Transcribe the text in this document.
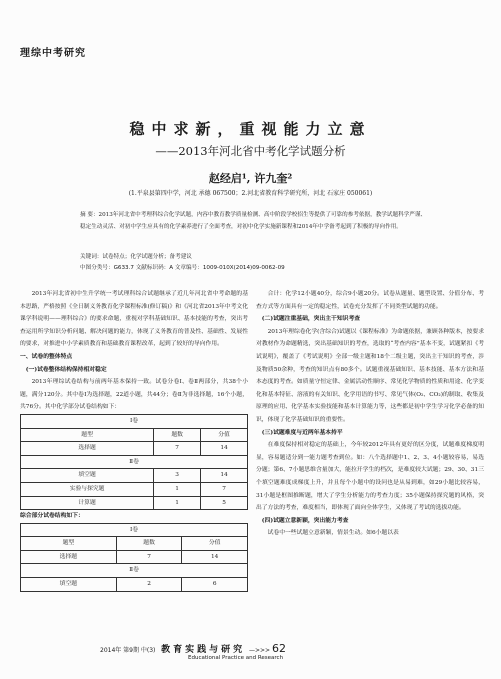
理综中考研究
稳中求新，重视能力立意
——2013年河北省中考化学试题分析
赵经启¹, 许九奎²
(1.平泉县第四中学，河北 承德 067500；2.河北省教育科学研究所，河北 石家庄 050061)
摘 要：2013年河北省中考理科综合化学试题，内容中教育教学质量检测、高中阶段学校招生等提供了可靠的参考依据，教学试题科学严谨、稳定生动灵活、对初中学生应具有的化学素养进行了全面考查，对初中化学实施新课程和2014年中学备考起到了积极的导向作用。
关键词：试卷特点；化学试题分析；备考建议
中图分类号：G633.7 文献标识码：A 文章编号：1009-010X(2014)09-0062-09

2013年河北省初中生升学统一考试理科综合试题继承了近几年河北省中考命题的基本思路，严格按照《全日制义务教育化学课程标准(修订稿)》和《河北省2013年中考文化课学科说明——理科综合》的要求命题，重视对学科基础知识、基本技能的考查，突出考查运用所学知识分析问题、解决问题的能力，体现了义务教育的普及性、基础性、发展性的要求，对推进中小学素质教育和基础教育课程改革，起到了较好的导向作用。

一、试卷的整体特点

(一)试卷整体结构保持相对稳定

2013年理综试卷结构与前两年基本保持一致。试卷分卷Ⅰ、卷Ⅱ两部分，共38个小题，满分120分。其中卷Ⅰ为选择题，22道小题，共44分；卷Ⅱ为非选择题，16个小题，共76分。其中化学部分试卷结构如下：

Ⅰ卷		
题型	题数	分值
选择题	7	14
Ⅱ卷		
填空题	3	14
实验与探究题	1	7
计算题	1	5

综合部分试卷结构如下：

Ⅰ卷		
题型	题数	分值
选择题	7	14
Ⅱ卷		
填空题	2	6

合计：化学12小题40分，综合9小题20分。试卷从题量、题型设置、分值分布、考查方式等方面具有一定的稳定性，试卷充分发挥了不同类型试题的功能。

(二)试题注重基础，突出主干知识考查

2013年理综卷化学(含综合)试题以《课程标准》为命题依据，兼顾各种版本，按要求对教材作为命题精选，突出基础知识的考查，选取的“考查内容”基本不变，试题紧扣《考试说明》，覆盖了《考试说明》全部一级主题和18个二级主题，突出主干知识的考查，涉及物质50余种，考查的知识点有80多个。试题重视基础知识、基本技能、基本方法和基本态度的考查。如质量守恒定律、金属活动性顺序、常见化学物质的性质和用途、化学变化和基本特征、溶液的有关知识、化学用语的书写、常见气体(O₂、CO₂)的制取、收集及原理的应用、化学基本实验技能和基本计算能力等，这些都是初中学生学习化学必备的知识，体现了化学基础知识的重要性。

(三)试题难度与近两年基本持平

在难度保持相对稳定的基础上，今年较2012年具有更好的区分度，试题难度梯度明显，容易题适分到一能力题考查到位。如：八个选择题中1、2、3、4小题较容易，易选分题；第6、7小题思维含量加大，能拉开学生的档次，是难度较大试题；29、30、31三个填空题难度成梯度上升，并且每个小题中的设问也是从易到难，如29小题比较容易，31小题是框图推断题，增大了学生分析能力的考查力度；35小题保持探究题的风格，突出了方法的考查，难度相当，即体现了面向全体学生，又体现了考试的选拔功能。

(四)试题立意新颖，突出能力考查

试卷中一些试题立意新颖，情景生动。如6小题以表

2014年 第9期 中(3) 教育实践与研究 —>>> 62
Educational Practice and Research
